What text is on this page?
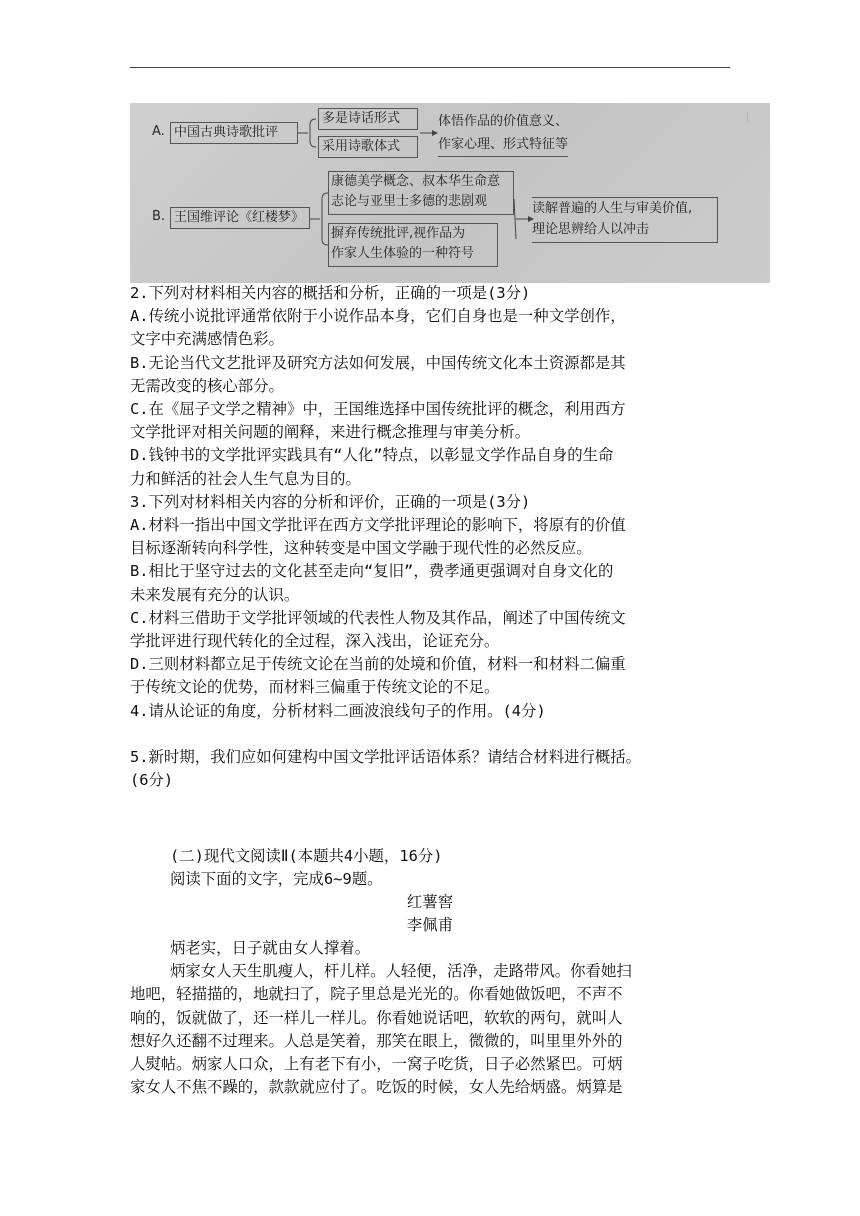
〡
A. 中国古典诗歌批评
多是诗话形式
采用诗歌体式
体悟作品的价值意义、
作家心理、形式特征等
B. 王国维评论《红楼梦》
康德美学概念、叔本华生命意
志论与亚里士多德的悲剧观
摒弃传统批评,视作品为
作家人生体验的一种符号
读解普遍的人生与审美价值,
理论思辨给人以冲击

2.下列对材料相关内容的概括和分析，正确的一项是(3分)

A.传统小说批评通常依附于小说作品本身，它们自身也是一种文学创作，

文字中充满感情色彩。

B.无论当代文艺批评及研究方法如何发展，中国传统文化本土资源都是其

无需改变的核心部分。

C.在《屈子文学之精神》中，王国维选择中国传统批评的概念，利用西方

文学批评对相关问题的阐释，来进行概念推理与审美分析。

D.钱钟书的文学批评实践具有“人化”特点，以彰显文学作品自身的生命

力和鲜活的社会人生气息为目的。

3.下列对材料相关内容的分析和评价，正确的一项是(3分)

A.材料一指出中国文学批评在西方文学批评理论的影响下，将原有的价值

目标逐渐转向科学性，这种转变是中国文学融于现代性的必然反应。

B.相比于坚守过去的文化甚至走向“复旧”，费孝通更强调对自身文化的

未来发展有充分的认识。

C.材料三借助于文学批评领域的代表性人物及其作品，阐述了中国传统文

学批评进行现代转化的全过程，深入浅出，论证充分。

D.三则材料都立足于传统文论在当前的处境和价值，材料一和材料二偏重

于传统文论的优势，而材料三偏重于传统文论的不足。

4.请从论证的角度，分析材料二画波浪线句子的作用。(4分)

5.新时期，我们应如何建构中国文学批评话语体系？请结合材料进行概括。

(6分)

(二)现代文阅读Ⅱ(本题共4小题，16分)

阅读下面的文字，完成6~9题。

红薯窖
李佩甫

炳老实，日子就由女人撑着。

炳家女人天生肌瘦人，杆儿样。人轻便，活净，走路带风。你看她扫

地吧，轻描描的，地就扫了，院子里总是光光的。你看她做饭吧，不声不

响的，饭就做了，还一样儿一样儿。你看她说话吧，软软的两句，就叫人

想好久还翻不过理来。人总是笑着，那笑在眼上，微微的，叫里里外外的

人熨帖。炳家人口众，上有老下有小，一窝子吃货，日子必然紧巴。可炳

家女人不焦不躁的，款款就应付了。吃饭的时候，女人先给炳盛。炳算是
